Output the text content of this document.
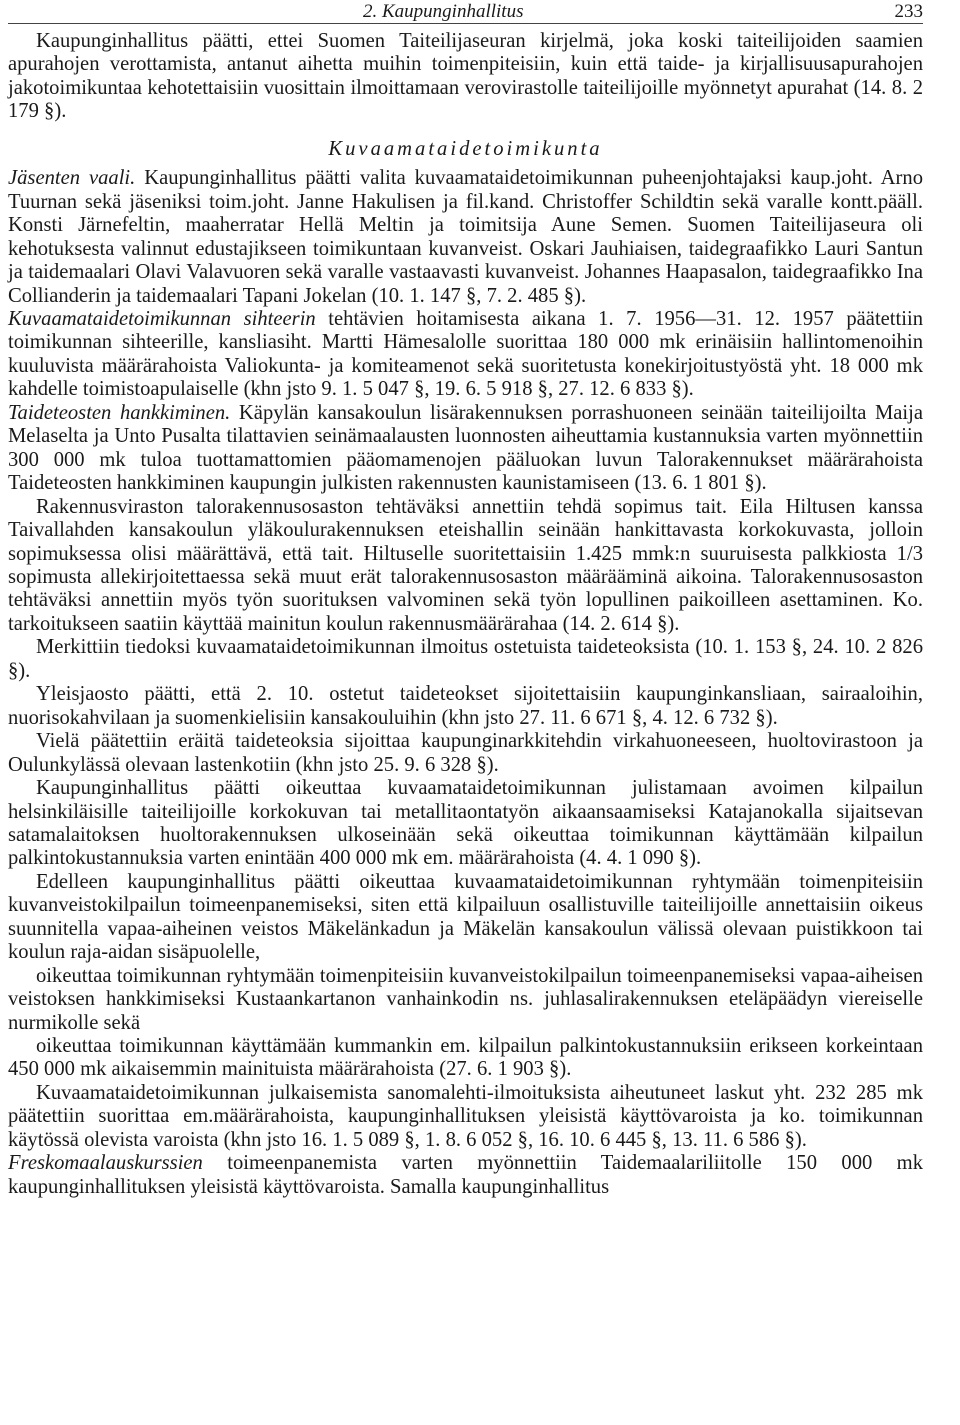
2. Kaupunginhallitus	233

Kaupunginhallitus päätti, ettei Suomen Taiteilijaseuran kirjelmä, joka koski taiteilijoiden saamien apurahojen verottamista, antanut aihetta muihin toimenpiteisiin, kuin että taide- ja kirjallisuusapurahojen jakotoimikuntaa kehotettaisiin vuosittain ilmoittamaan verovirastolle taiteilijoille myönnetyt apurahat (14. 8. 2 179 §).

Kuvaamataidetoimikunta

Jäsenten vaali. Kaupunginhallitus päätti valita kuvaamataidetoimikunnan puheenjohtajaksi kaup.joht. Arno Tuurnan sekä jäseniksi toim.joht. Janne Hakulisen ja fil.kand. Christoffer Schildtin sekä varalle kontt.pääll. Konsti Järnefeltin, maaherratar Hellä Meltin ja toimitsija Aune Semen. Suomen Taiteilijaseura oli kehotuksesta valinnut edustajikseen toimikuntaan kuvanveist. Oskari Jauhiaisen, taidegraafikko Lauri Santun ja taidemaalari Olavi Valavuoren sekä varalle vastaavasti kuvanveist. Johannes Haapasalon, taidegraafikko Ina Collianderin ja taidemaalari Tapani Jokelan (10. 1. 147 §, 7. 2. 485 §).

Kuvaamataidetoimikunnan sihteerin tehtävien hoitamisesta aikana 1. 7. 1956—31. 12. 1957 päätettiin toimikunnan sihteerille, kansliasiht. Martti Hämesalolle suorittaa 180 000 mk erinäisiin hallintomenoihin kuuluvista määrärahoista Valiokunta- ja komiteamenot sekä suoritetusta konekirjoitustyöstä yht. 18 000 mk kahdelle toimistoapulaiselle (khn jsto 9. 1. 5 047 §, 19. 6. 5 918 §, 27. 12. 6 833 §).

Taideteosten hankkiminen. Käpylän kansakoulun lisärakennuksen porrashuoneen seinään taiteilijoilta Maija Melaselta ja Unto Pusalta tilattavien seinämaalausten luonnosten aiheuttamia kustannuksia varten myönnettiin 300 000 mk tuloa tuottamattomien pääomamenojen pääluokan luvun Talorakennukset määrärahoista Taideteosten hankkiminen kaupungin julkisten rakennusten kaunistamiseen (13. 6. 1 801 §).

Rakennusviraston talorakennusosaston tehtäväksi annettiin tehdä sopimus tait. Eila Hiltusen kanssa Taivallahden kansakoulun yläkoulurakennuksen eteishallin seinään hankittavasta korkokuvasta, jolloin sopimuksessa olisi määrättävä, että tait. Hiltuselle suoritettaisiin 1.425 mmk:n suuruisesta palkkiosta 1/3 sopimusta allekirjoitettaessa sekä muut erät talorakennusosaston määrääminä aikoina. Talorakennusosaston tehtäväksi annettiin myös työn suorituksen valvominen sekä työn lopullinen paikoilleen asettaminen. Ko. tarkoitukseen saatiin käyttää mainitun koulun rakennusmäärärahaa (14. 2. 614 §).

Merkittiin tiedoksi kuvaamataidetoimikunnan ilmoitus ostetuista taideteoksista (10. 1. 153 §, 24. 10. 2 826 §).

Yleisjaosto päätti, että 2. 10. ostetut taideteokset sijoitettaisiin kaupunginkansliaan, sairaaloihin, nuorisokahvilaan ja suomenkielisiin kansakouluihin (khn jsto 27. 11. 6 671 §, 4. 12. 6 732 §).

Vielä päätettiin eräitä taideteoksia sijoittaa kaupunginarkkitehdin virkahuoneeseen, huoltovirastoon ja Oulunkylässä olevaan lastenkotiin (khn jsto 25. 9. 6 328 §).

Kaupunginhallitus päätti oikeuttaa kuvaamataidetoimikunnan julistamaan avoimen kilpailun helsinkiläisille taiteilijoille korkokuvan tai metallitaontatyön aikaansaamiseksi Katajanokalla sijaitsevan satamalaitoksen huoltorakennuksen ulkoseinään sekä oikeuttaa toimikunnan käyttämään kilpailun palkintokustannuksia varten enintään 400 000 mk em. määrärahoista (4. 4. 1 090 §).

Edelleen kaupunginhallitus päätti oikeuttaa kuvaamataidetoimikunnan ryhtymään toimenpiteisiin kuvanveistokilpailun toimeenpanemiseksi, siten että kilpailuun osallistuville taiteilijoille annettaisiin oikeus suunnitella vapaa-aiheinen veistos Mäkelänkadun ja Mäkelän kansakoulun välissä olevaan puistikkoon tai koulun raja-aidan sisäpuolelle,

oikeuttaa toimikunnan ryhtymään toimenpiteisiin kuvanveistokilpailun toimeenpanemiseksi vapaa-aiheisen veistoksen hankkimiseksi Kustaankartanon vanhainkodin ns. juhlasalirakennuksen eteläpäädyn viereiselle nurmikolle sekä

oikeuttaa toimikunnan käyttämään kummankin em. kilpailun palkintokustannuksiin erikseen korkeintaan 450 000 mk aikaisemmin mainituista määrärahoista (27. 6. 1 903 §).

Kuvaamataidetoimikunnan julkaisemista sanomalehti-ilmoituksista aiheutuneet laskut yht. 232 285 mk päätettiin suorittaa em.määrärahoista, kaupunginhallituksen yleisistä käyttövaroista ja ko. toimikunnan käytössä olevista varoista (khn jsto 16. 1. 5 089 §, 1. 8. 6 052 §, 16. 10. 6 445 §, 13. 11. 6 586 §).

Freskomaalauskurssien toimeenpanemista varten myönnettiin Taidemaalariliitolle 150 000 mk kaupunginhallituksen yleisistä käyttövaroista. Samalla kaupunginhallitus
